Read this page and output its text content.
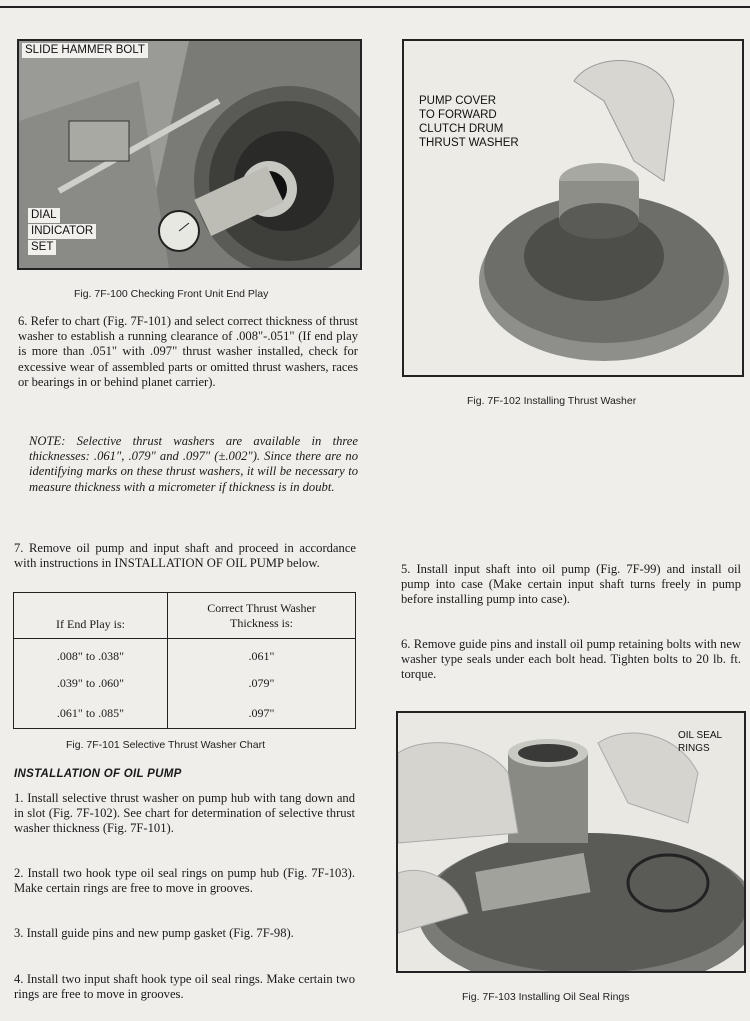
SLIDE HAMMER BOLT
DIAL
INDICATOR
SET
Fig. 7F-100 Checking Front Unit End Play
PUMP COVER
TO FORWARD
CLUTCH DRUM
THRUST WASHER
Fig. 7F-102 Installing Thrust Washer

6. Refer to chart (Fig. 7F-101) and select correct thickness of thrust washer to establish a running clearance of .008"-.051" (If end play is more than .051" with .097" thrust washer installed, check for excessive wear of assembled parts or omitted thrust washers, races or bearings in or behind planet carrier).

NOTE: Selective thrust washers are available in three thicknesses: .061", .079" and .097" (±.002"). Since there are no identifying marks on these thrust washers, it will be necessary to measure thickness with a micrometer if thickness is in doubt.

7. Remove oil pump and input shaft and proceed in accordance with instructions in INSTALLATION OF OIL PUMP below.

If End Play is:	Correct Thrust Washer
Thickness is:
.008" to .038"	.061"
.039" to .060"	.079"
.061" to .085"	.097"
Fig. 7F-101 Selective Thrust Washer Chart
INSTALLATION OF OIL PUMP

1. Install selective thrust washer on pump hub with tang down and in slot (Fig. 7F-102). See chart for determination of selective thrust washer thickness (Fig. 7F-101).

2. Install two hook type oil seal rings on pump hub (Fig. 7F-103). Make certain rings are free to move in grooves.

3. Install guide pins and new pump gasket (Fig. 7F-98).

4. Install two input shaft hook type oil seal rings. Make certain two rings are free to move in grooves.

5. Install input shaft into oil pump (Fig. 7F-99) and install oil pump into case (Make certain input shaft turns freely in pump before installing pump into case).

6. Remove guide pins and install oil pump retaining bolts with new washer type seals under each bolt head. Tighten bolts to 20 lb. ft. torque.

OIL SEAL
RINGS
Fig. 7F-103 Installing Oil Seal Rings
